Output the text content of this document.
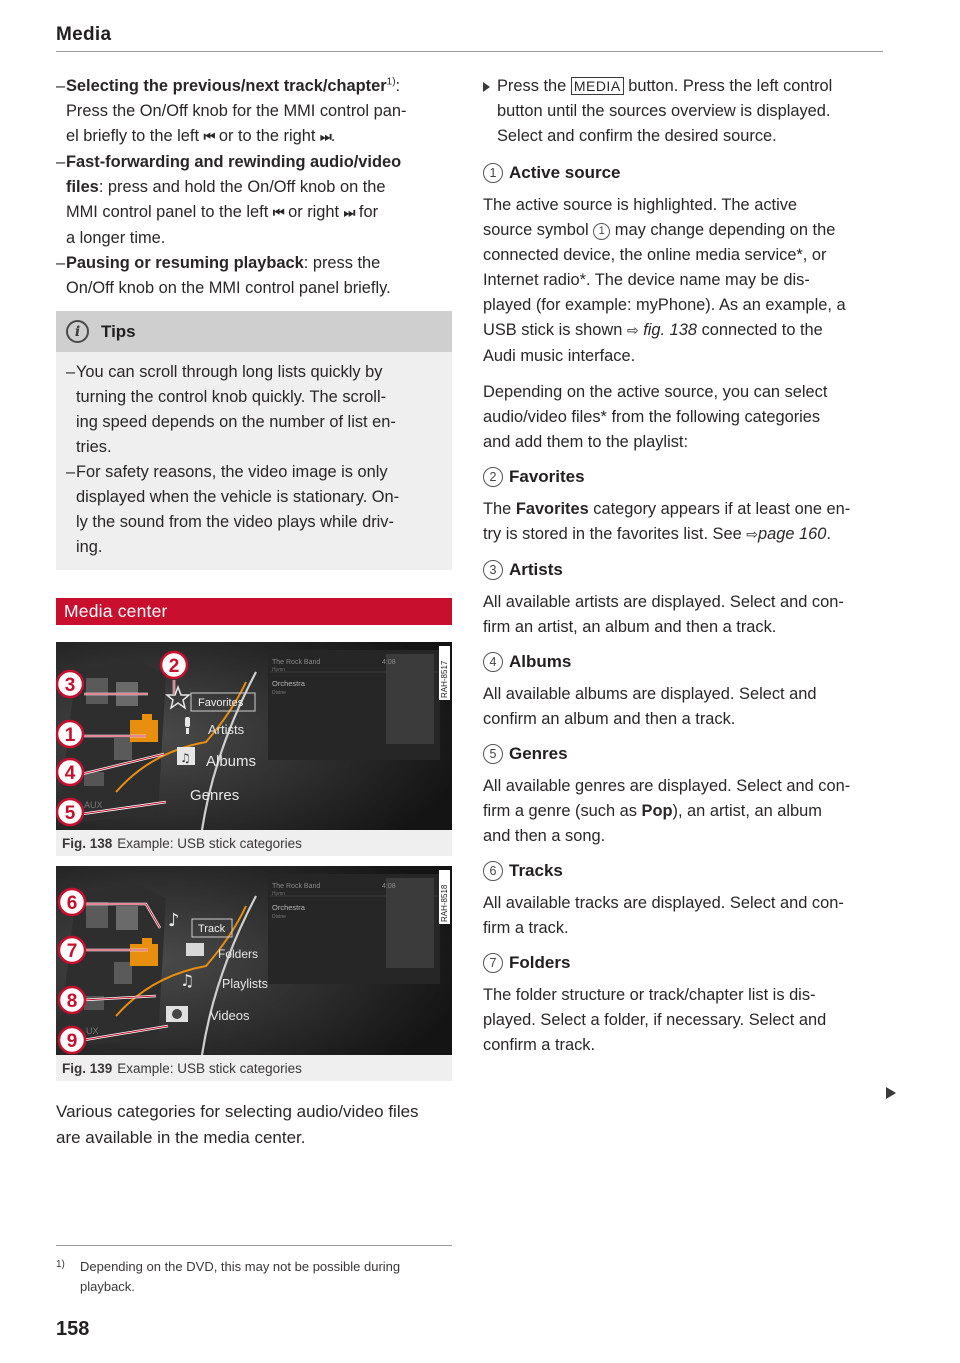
Media
– Selecting the previous/next track/chapter$^{1)}$:
Press the On/Off knob for the MMI control pan-
el briefly to the left ⏮ or to the right ⏭.
– Fast-forwarding and rewinding audio/video
files: press and hold the On/Off knob on the
MMI control panel to the left ⏮ or right ⏭ for
a longer time.
– Pausing or resuming playback: press the
On/Off knob on the MMI control panel briefly.
i	Tips
– You can scroll through long lists quickly by
turning the control knob quickly. The scroll-
ing speed depends on the number of list en-
tries.
– For safety reasons, the video image is only
displayed when the vehicle is stationary. On-
ly the sound from the video plays while driv-
ing.
Media center
The Rock Band
Hymn
4:08
Orchestra
Divine	RAH-8517
AUX
♫
Favorites
Artists
Albums
Genres
2
3
1
4
5
Fig. 138 Example: USB stick categories
The Rock Band
Hymn
4:08
Orchestra
Divine	RAH-8518
UX
♪
♫
Track
Folders
Playlists
Videos
6
7
8
9
Fig. 139 Example: USB stick categories
Various categories for selecting audio/video files
are available in the media center.
1) Depending on the DVD, this may not be possible during
playback.
158
Press the MEDIA button. Press the left control
button until the sources overview is displayed.
Select and confirm the desired source.
1 Active source
The active source is highlighted. The active
source symbol 1 may change depending on the
connected device, the online media service*, or
Internet radio*. The device name may be dis-
played (for example: myPhone). As an example, a
USB stick is shown ⇨ fig. 138 connected to the
Audi music interface.
Depending on the active source, you can select
audio/video files* from the following categories
and add them to the playlist:
2 Favorites
The Favorites category appears if at least one en-
try is stored in the favorites list. See ⇨page 160.
3 Artists
All available artists are displayed. Select and con-
firm an artist, an album and then a track.
4 Albums
All available albums are displayed. Select and
confirm an album and then a track.
5 Genres
All available genres are displayed. Select and con-
firm a genre (such as Pop), an artist, an album
and then a song.
6 Tracks
All available tracks are displayed. Select and con-
firm a track.
7 Folders
The folder structure or track/chapter list is dis-
played. Select a folder, if necessary. Select and
confirm a track.
